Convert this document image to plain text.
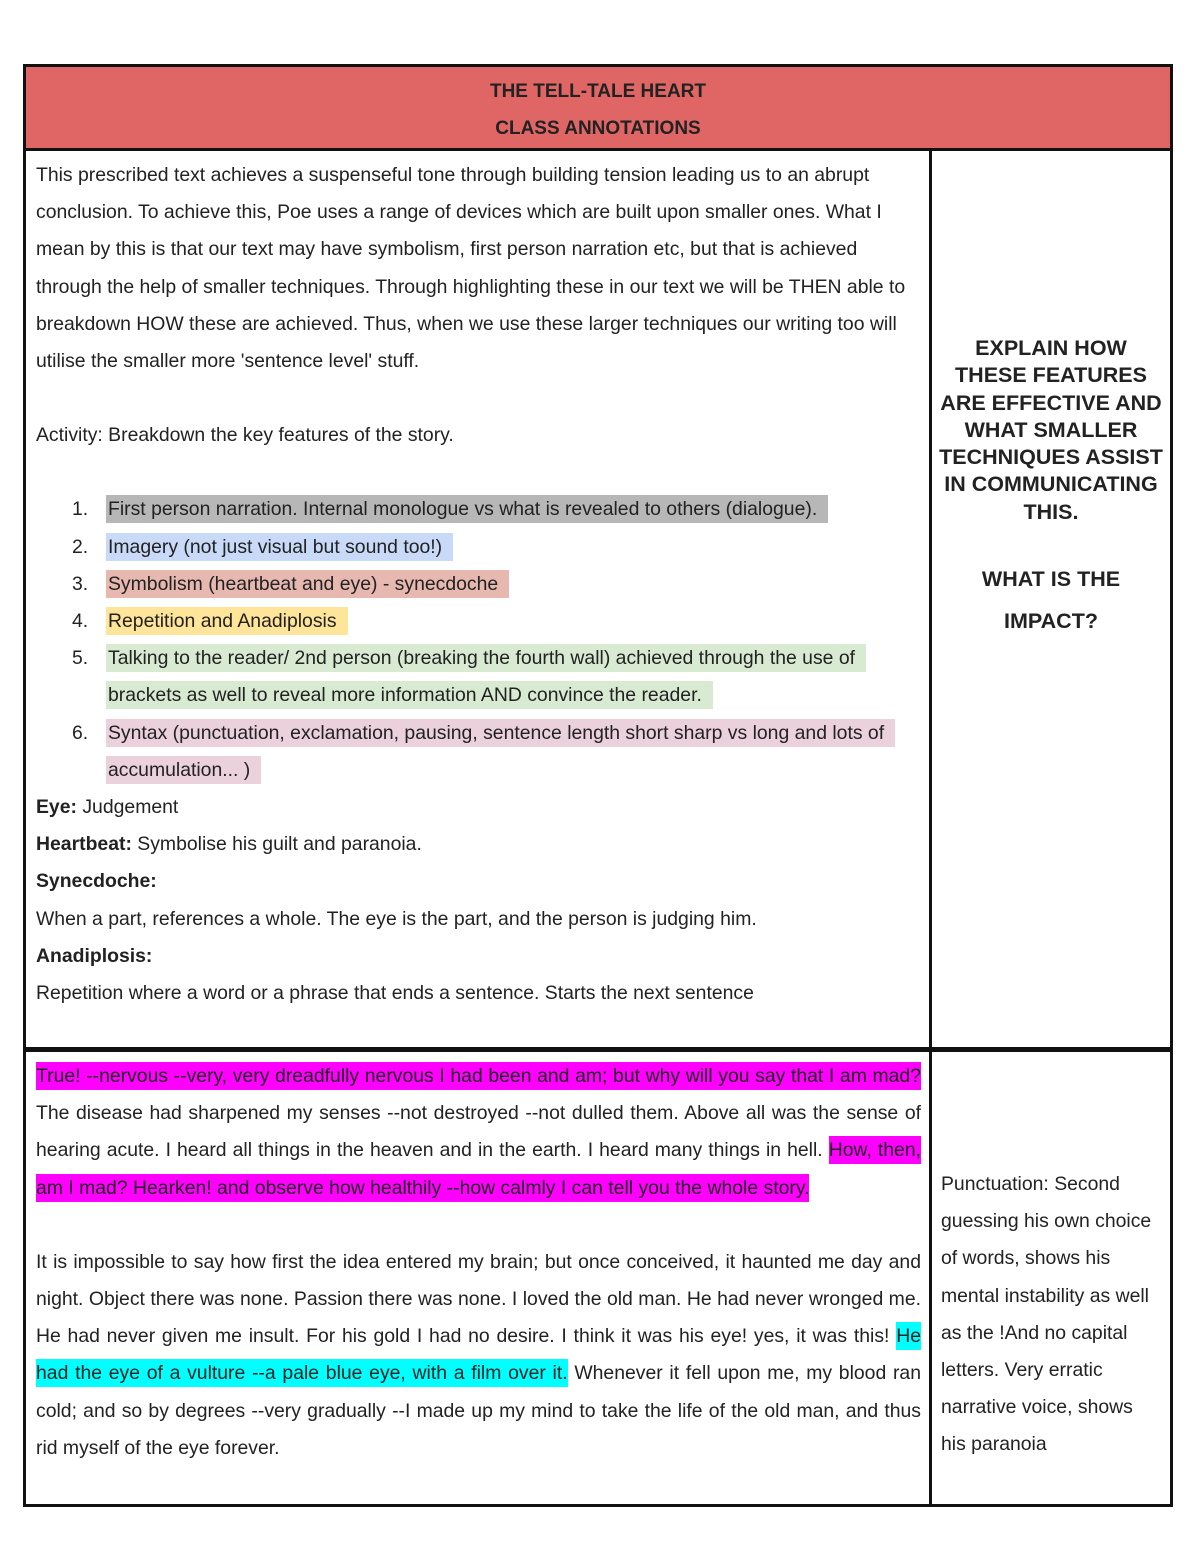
THE TELL-TALE HEART
CLASS ANNOTATIONS

This prescribed text achieves a suspenseful tone through building tension leading us to an abrupt conclusion. To achieve this, Poe uses a range of devices which are built upon smaller ones. What I mean by this is that our text may have symbolism, first person narration etc, but that is achieved through the help of smaller techniques. Through highlighting these in our text we will be THEN able to breakdown HOW these are achieved. Thus, when we use these larger techniques our writing too will utilise the smaller more 'sentence level' stuff.

Activity: Breakdown the key features of the story.

1. First person narration. Internal monologue vs what is revealed to others (dialogue).
2. Imagery (not just visual but sound too!)
3. Symbolism (heartbeat and eye) - synecdoche
4. Repetition and Anadiplosis
5. Talking to the reader/ 2nd person (breaking the fourth wall) achieved through the use of brackets as well to reveal more information AND convince the reader.
6. Syntax (punctuation, exclamation, pausing, sentence length short sharp vs long and lots of accumulation... )

Eye: Judgement

Heartbeat: Symbolise his guilt and paranoia.

Synecdoche:

When a part, references a whole. The eye is the part, and the person is judging him.

Anadiplosis:

Repetition where a word or a phrase that ends a sentence. Starts the next sentence

EXPLAIN HOW THESE FEATURES ARE EFFECTIVE AND WHAT SMALLER TECHNIQUES ASSIST IN COMMUNICATING THIS.
WHAT IS THE IMPACT?

True! --nervous --very, very dreadfully nervous I had been and am; but why will you say that I am mad? The disease had sharpened my senses --not destroyed --not dulled them. Above all was the sense of hearing acute. I heard all things in the heaven and in the earth. I heard many things in hell. How, then, am I mad? Hearken! and observe how healthily --how calmly I can tell you the whole story.

It is impossible to say how first the idea entered my brain; but once conceived, it haunted me day and night. Object there was none. Passion there was none. I loved the old man. He had never wronged me. He had never given me insult. For his gold I had no desire. I think it was his eye! yes, it was this! He had the eye of a vulture --a pale blue eye, with a film over it. Whenever it fell upon me, my blood ran cold; and so by degrees --very gradually --I made up my mind to take the life of the old man, and thus rid myself of the eye forever.

Punctuation: Second guessing his own choice of words, shows his mental instability as well as the !And no capital letters. Very erratic narrative voice, shows his paranoia
